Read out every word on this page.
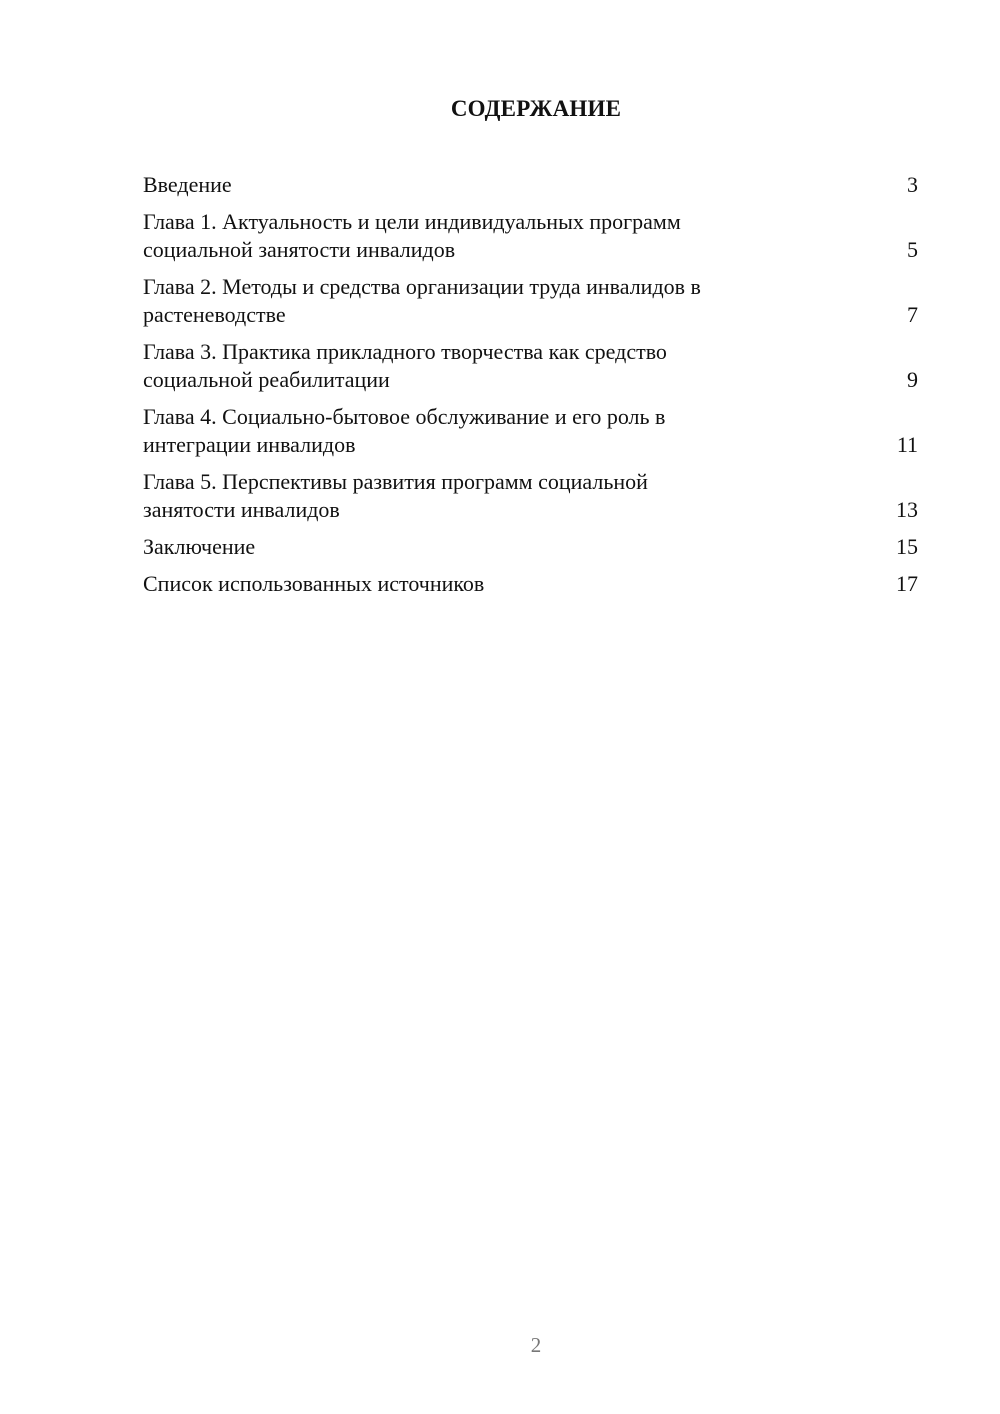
СОДЕРЖАНИЕ
Введение	3
Глава 1. Актуальность и цели индивидуальных программ
социальной занятости инвалидов	5
Глава 2. Методы и средства организации труда инвалидов в
растеневодстве	7
Глава 3. Практика прикладного творчества как средство
социальной реабилитации	9
Глава 4. Социально-бытовое обслуживание и его роль в
интеграции инвалидов	11
Глава 5. Перспективы развития программ социальной
занятости инвалидов	13
Заключение	15
Список использованных источников	17
2
